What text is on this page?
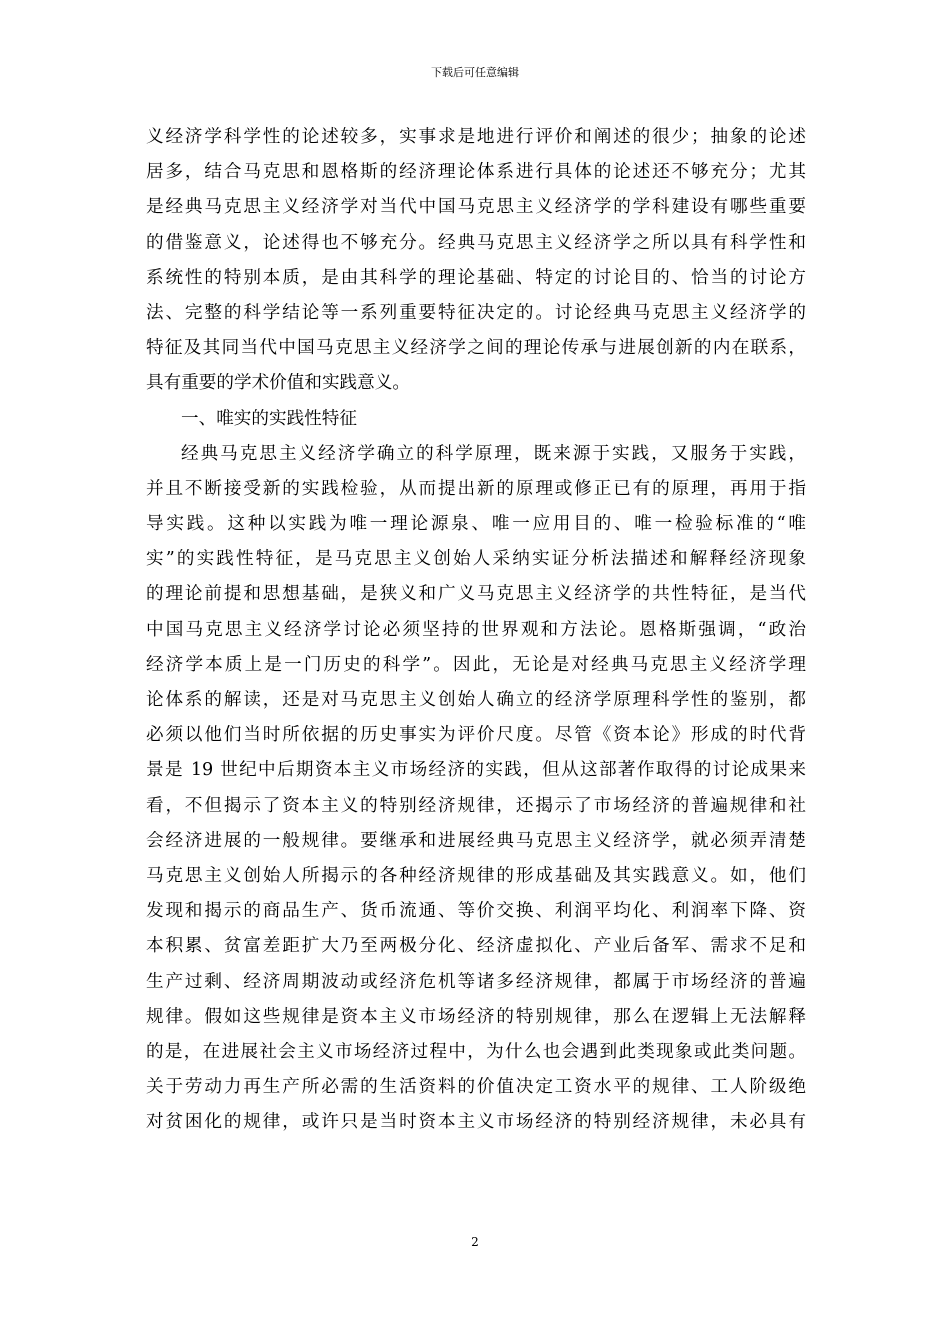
下载后可任意编辑
义经济学科学性的论述较多，实事求是地进行评价和阐述的很少；抽象的论述
居多，结合马克思和恩格斯的经济理论体系进行具体的论述还不够充分；尤其
是经典马克思主义经济学对当代中国马克思主义经济学的学科建设有哪些重要
的借鉴意义，论述得也不够充分。经典马克思主义经济学之所以具有科学性和
系统性的特别本质，是由其科学的理论基础、特定的讨论目的、恰当的讨论方
法、完整的科学结论等一系列重要特征决定的。讨论经典马克思主义经济学的
特征及其同当代中国马克思主义经济学之间的理论传承与进展创新的内在联系，
具有重要的学术价值和实践意义。
一、唯实的实践性特征
经典马克思主义经济学确立的科学原理，既来源于实践，又服务于实践，
并且不断接受新的实践检验，从而提出新的原理或修正已有的原理，再用于指
导实践。这种以实践为唯一理论源泉、唯一应用目的、唯一检验标准的“唯
实”的实践性特征，是马克思主义创始人采纳实证分析法描述和解释经济现象
的理论前提和思想基础，是狭义和广义马克思主义经济学的共性特征，是当代
中国马克思主义经济学讨论必须坚持的世界观和方法论。恩格斯强调，“政治
经济学本质上是一门历史的科学”。因此，无论是对经典马克思主义经济学理
论体系的解读，还是对马克思主义创始人确立的经济学原理科学性的鉴别，都
必须以他们当时所依据的历史事实为评价尺度。尽管《资本论》形成的时代背
景是 19 世纪中后期资本主义市场经济的实践，但从这部著作取得的讨论成果来
看，不但揭示了资本主义的特别经济规律，还揭示了市场经济的普遍规律和社
会经济进展的一般规律。要继承和进展经典马克思主义经济学，就必须弄清楚
马克思主义创始人所揭示的各种经济规律的形成基础及其实践意义。如，他们
发现和揭示的商品生产、货币流通、等价交换、利润平均化、利润率下降、资
本积累、贫富差距扩大乃至两极分化、经济虚拟化、产业后备军、需求不足和
生产过剩、经济周期波动或经济危机等诸多经济规律，都属于市场经济的普遍
规律。假如这些规律是资本主义市场经济的特别规律，那么在逻辑上无法解释
的是，在进展社会主义市场经济过程中，为什么也会遇到此类现象或此类问题。
关于劳动力再生产所必需的生活资料的价值决定工资水平的规律、工人阶级绝
对贫困化的规律，或许只是当时资本主义市场经济的特别经济规律，未必具有
2
